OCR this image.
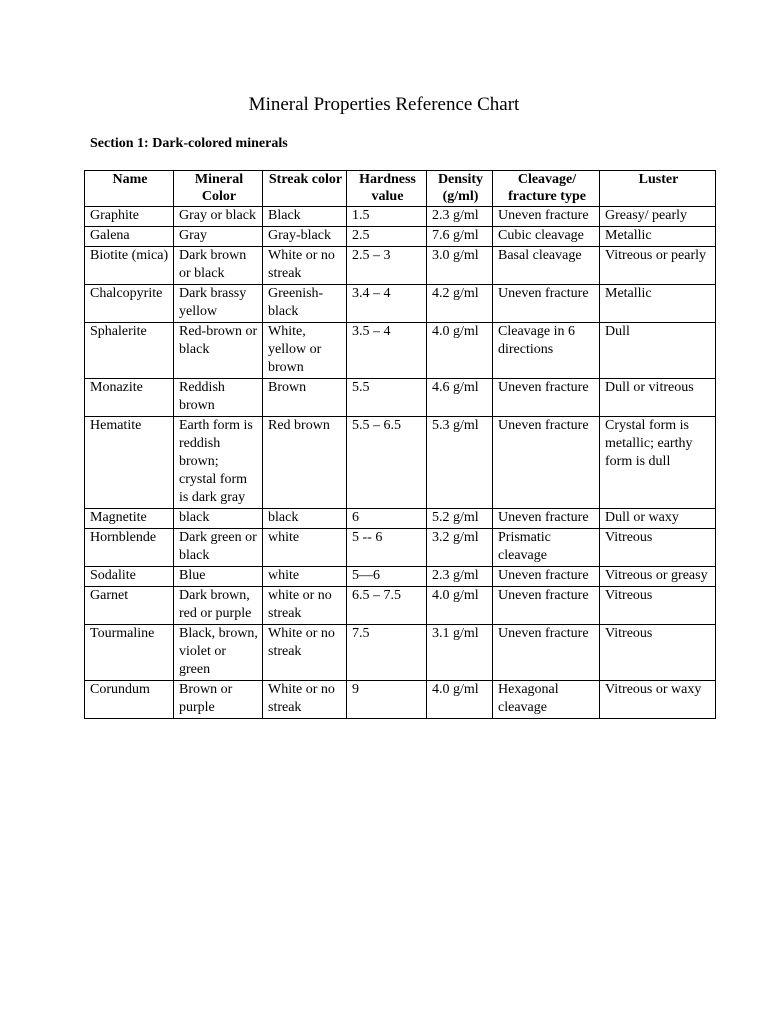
Mineral Properties Reference Chart
Section 1: Dark-colored minerals
Name	Mineral Color	Streak color	Hardness value	Density (g/ml)	Cleavage/ fracture type	Luster
Graphite	Gray or black	Black	1.5	2.3 g/ml	Uneven fracture	Greasy/ pearly
Galena	Gray	Gray-black	2.5	7.6 g/ml	Cubic cleavage	Metallic
Biotite (mica)	Dark brown or black	White or no streak	2.5 – 3	3.0 g/ml	Basal cleavage	Vitreous or pearly
Chalcopyrite	Dark brassy yellow	Greenish-black	3.4 – 4	4.2 g/ml	Uneven fracture	Metallic
Sphalerite	Red-brown or black	White, yellow or brown	3.5 – 4	4.0 g/ml	Cleavage in 6 directions	Dull
Monazite	Reddish brown	Brown	5.5	4.6 g/ml	Uneven fracture	Dull or vitreous
Hematite	Earth form is reddish brown; crystal form is dark gray	Red brown	5.5 – 6.5	5.3 g/ml	Uneven fracture	Crystal form is metallic; earthy form is dull
Magnetite	black	black	6	5.2 g/ml	Uneven fracture	Dull or waxy
Hornblende	Dark green or black	white	5 -- 6	3.2 g/ml	Prismatic cleavage	Vitreous
Sodalite	Blue	white	5—6	2.3 g/ml	Uneven fracture	Vitreous or greasy
Garnet	Dark brown, red or purple	white or no streak	6.5 – 7.5	4.0 g/ml	Uneven fracture	Vitreous
Tourmaline	Black, brown, violet or green	White or no streak	7.5	3.1 g/ml	Uneven fracture	Vitreous
Corundum	Brown or purple	White or no streak	9	4.0 g/ml	Hexagonal cleavage	Vitreous or waxy
